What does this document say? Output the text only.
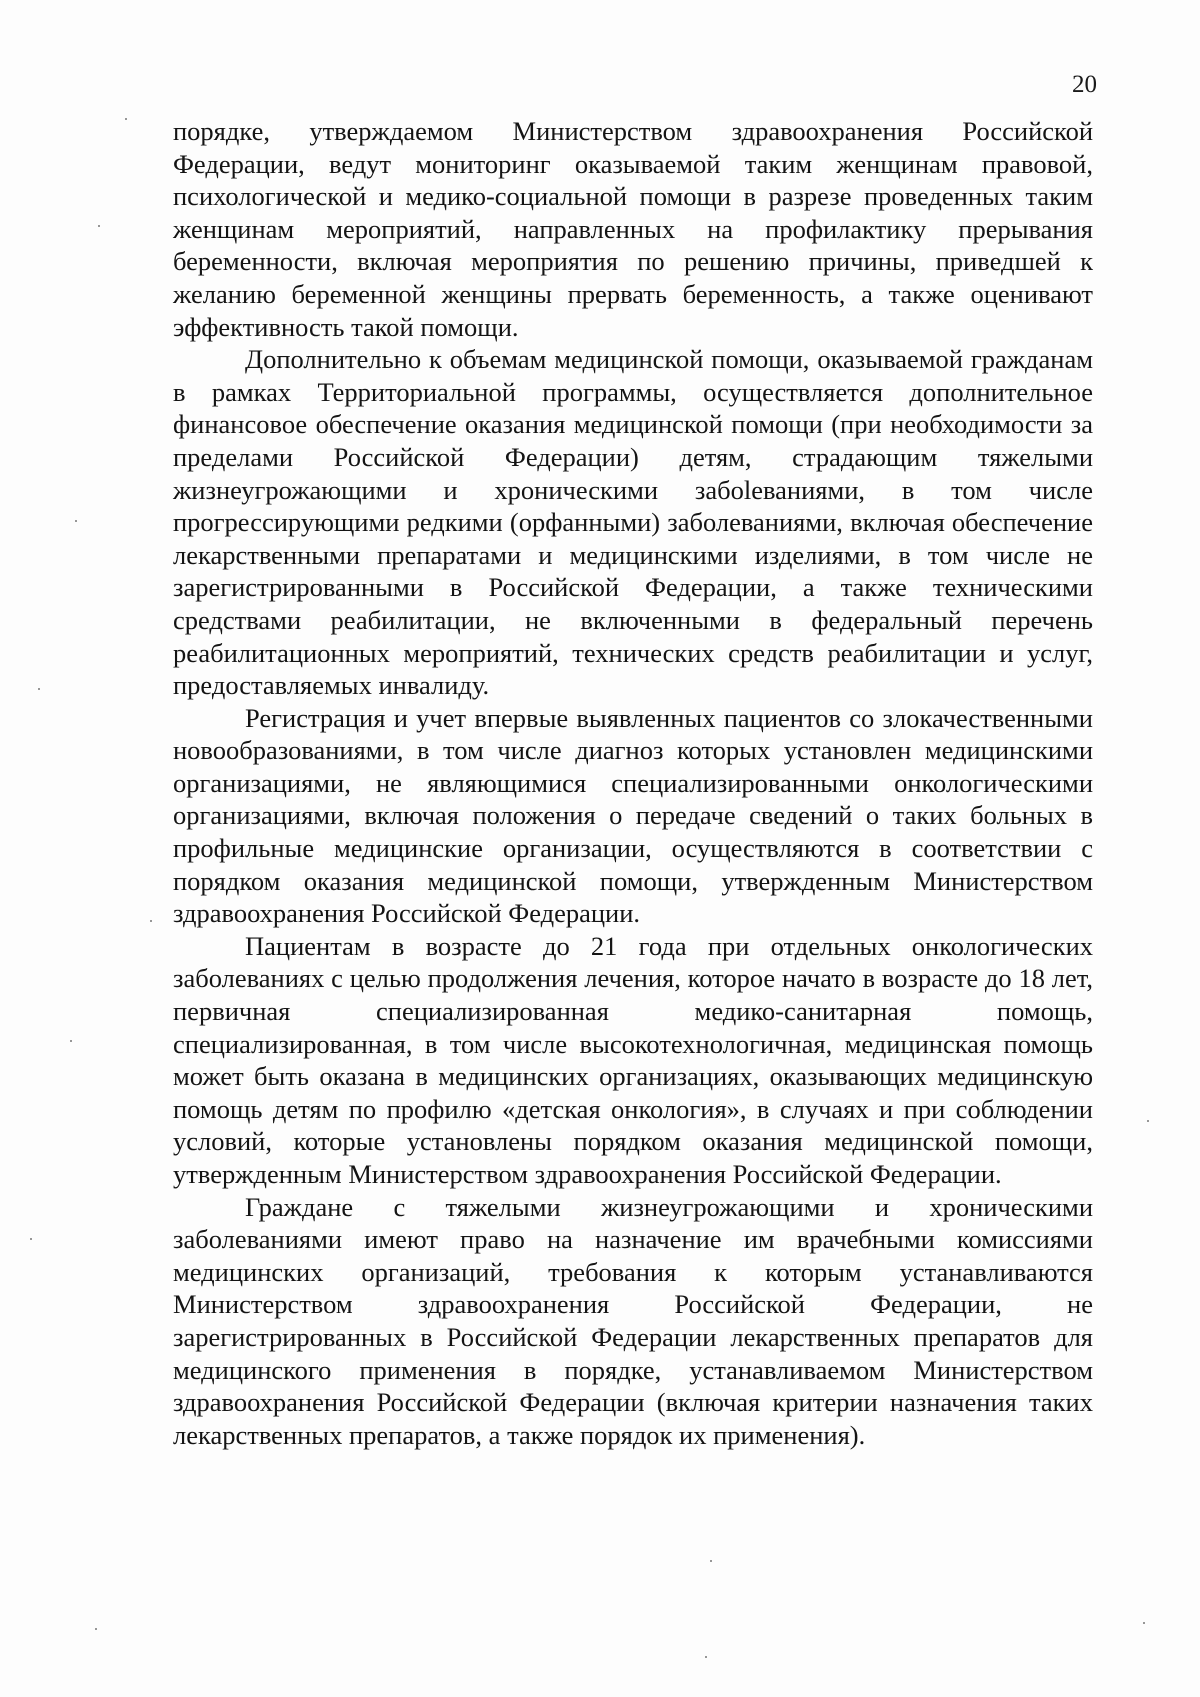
20

порядке, утверждаемом Министерством здравоохранения Российской Федерации, ведут мониторинг оказываемой таким женщинам правовой, психологической и медико-социальной помощи в разрезе проведенных таким женщинам мероприятий, направленных на профилактику прерывания беременности, включая мероприятия по решению причины, приведшей к желанию беременной женщины прервать беременность, а также оценивают эффективность такой помощи.

Дополнительно к объемам медицинской помощи, оказываемой гражданам в рамках Территориальной программы, осуществляется дополнительное финансовое обеспечение оказания медицинской помощи (при необходимости за пределами Российской Федерации) детям, страдающим тяжелыми жизнеугрожающими и хроническими забoleваниями, в том числе прогрессирующими редкими (орфанными) заболеваниями, включая обеспечение лекарственными препаратами и медицинскими изделиями, в том числе не зарегистрированными в Российской Федерации, а также техническими средствами реабилитации, не включенными в федеральный перечень реабилитационных мероприятий, технических средств реабилитации и услуг, предоставляемых инвалиду.

Регистрация и учет впервые выявленных пациентов со злокачественными новообразованиями, в том числе диагноз которых установлен медицинскими организациями, не являющимися специализированными онкологическими организациями, включая положения о передаче сведений о таких больных в профильные медицинские организации, осуществляются в соответствии с порядком оказания медицинской помощи, утвержденным Министерством здравоохранения Российской Федерации.

Пациентам в возрасте до 21 года при отдельных онкологических заболеваниях с целью продолжения лечения, которое начато в возрасте до 18 лет, первичная специализированная медико-санитарная помощь, специализированная, в том числе высокотехнологичная, медицинская помощь может быть оказана в медицинских организациях, оказывающих медицинскую помощь детям по профилю «детская онкология», в случаях и при соблюдении условий, которые установлены порядком оказания медицинской помощи, утвержденным Министерством здравоохранения Российской Федерации.

Граждане с тяжелыми жизнеугрожающими и хроническими заболеваниями имеют право на назначение им врачебными комиссиями медицинских организаций, требования к которым устанавливаются Министерством здравоохранения Российской Федерации, не зарегистрированных в Российской Федерации лекарственных препаратов для медицинского применения в порядке, устанавливаемом Министерством здравоохранения Российской Федерации (включая критерии назначения таких лекарственных препаратов, а также порядок их применения).
